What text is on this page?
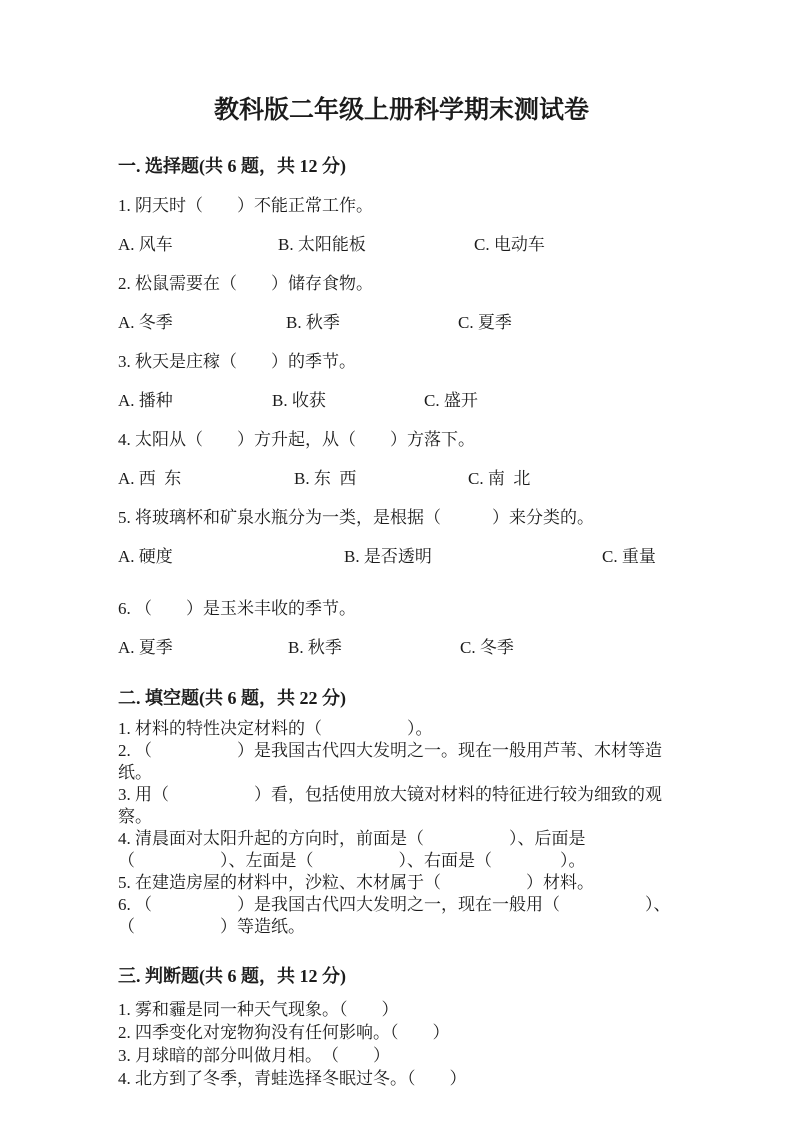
教科版二年级上册科学期末测试卷
一. 选择题(共 6 题，共 12 分)
1. 阴天时（　　）不能正常工作。
A. 风车	B. 太阳能板	C. 电动车
2. 松鼠需要在（　　）储存食物。
A. 冬季	B. 秋季	C. 夏季
3. 秋天是庄稼（　　）的季节。
A. 播种	B. 收获	C. 盛开
4. 太阳从（　　）方升起，从（　　）方落下。
A. 西  东	B. 东  西	C. 南  北
5. 将玻璃杯和矿泉水瓶分为一类，是根据（　　　）来分类的。
A. 硬度	B. 是否透明	C. 重量
6. （　　）是玉米丰收的季节。
A. 夏季	B. 秋季	C. 冬季
二. 填空题(共 6 题，共 22 分)
1. 材料的特性决定材料的（　　　　　）。
2. （　　　　　）是我国古代四大发明之一。现在一般用芦苇、木材等造纸。
3. 用（　　　　　）看，包括使用放大镜对材料的特征进行较为细致的观察。
4. 清晨面对太阳升起的方向时，前面是（　　　　　）、后面是
（　　　　　）、左面是（　　　　　）、右面是（　　　　）。
5. 在建造房屋的材料中，沙粒、木材属于（　　　　　）材料。
6. （　　　　　）是我国古代四大发明之一，现在一般用（　　　　　）、
（　　　　　）等造纸。
三. 判断题(共 6 题，共 12 分)
1. 雾和霾是同一种天气现象。（　　）
2. 四季变化对宠物狗没有任何影响。（　　）
3. 月球暗的部分叫做月相。　（　　）
4. 北方到了冬季，青蛙选择冬眠过冬。（　　）
